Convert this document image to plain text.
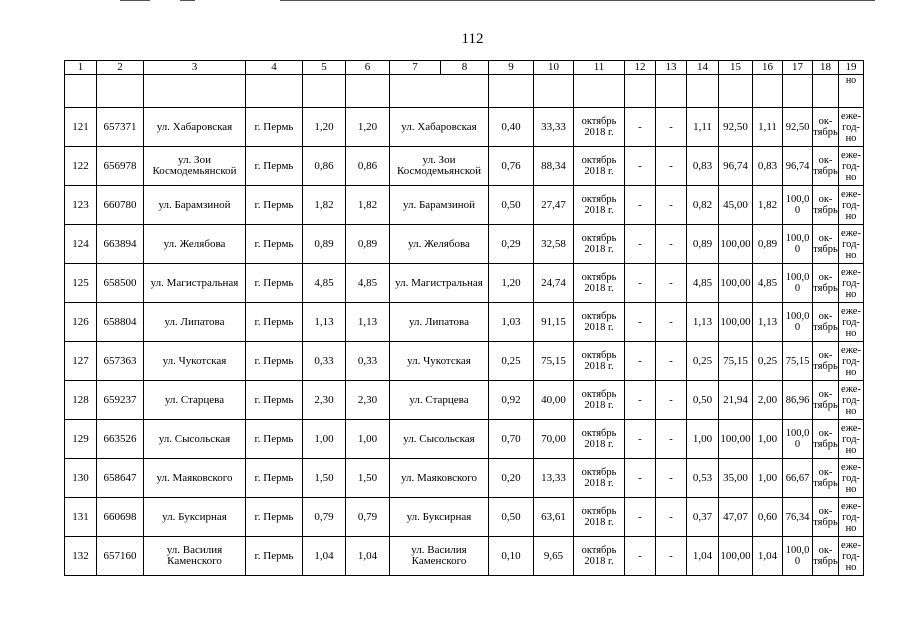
112
1	2	3	4	5	6	7	8	9	10	11	12	13	14	15	16	17	18	19
																		но
121	657371	ул. Хабаровская	г. Пермь	1,20	1,20	ул. Хабаровская		0,40	33,33	октябрь 2018 г.	-	-	1,11	92,50	1,11	92,50	ок-тябрь	еже-год-но
122	656978	ул. Зои Космодемьянской	г. Пермь	0,86	0,86	ул. Зои Космодемьянской		0,76	88,34	октябрь 2018 г.	-	-	0,83	96,74	0,83	96,74	ок-тябрь	еже-год-но
123	660780	ул. Барамзиной	г. Пермь	1,82	1,82	ул. Барамзиной		0,50	27,47	октябрь 2018 г.	-	-	0,82	45,00	1,82	100,0 0	ок-тябрь	еже-год-но
124	663894	ул. Желябова	г. Пермь	0,89	0,89	ул. Желябова		0,29	32,58	октябрь 2018 г.	-	-	0,89	100,00	0,89	100,0 0	ок-тябрь	еже-год-но
125	658500	ул. Магистральная	г. Пермь	4,85	4,85	ул. Магистральная		1,20	24,74	октябрь 2018 г.	-	-	4,85	100,00	4,85	100,0 0	ок-тябрь	еже-год-но
126	658804	ул. Липатова	г. Пермь	1,13	1,13	ул. Липатова		1,03	91,15	октябрь 2018 г.	-	-	1,13	100,00	1,13	100,0 0	ок-тябрь	еже-год-но
127	657363	ул. Чукотская	г. Пермь	0,33	0,33	ул. Чукотская		0,25	75,15	октябрь 2018 г.	-	-	0,25	75,15	0,25	75,15	ок-тябрь	еже-год-но
128	659237	ул. Старцева	г. Пермь	2,30	2,30	ул. Старцева		0,92	40,00	октябрь 2018 г.	-	-	0,50	21,94	2,00	86,96	ок-тябрь	еже-год-но
129	663526	ул. Сысольская	г. Пермь	1,00	1,00	ул. Сысольская		0,70	70,00	октябрь 2018 г.	-	-	1,00	100,00	1,00	100,0 0	ок-тябрь	еже-год-но
130	658647	ул. Маяковского	г. Пермь	1,50	1,50	ул. Маяковского		0,20	13,33	октябрь 2018 г.	-	-	0,53	35,00	1,00	66,67	ок-тябрь	еже-год-но
131	660698	ул. Буксирная	г. Пермь	0,79	0,79	ул. Буксирная		0,50	63,61	октябрь 2018 г.	-	-	0,37	47,07	0,60	76,34	ок-тябрь	еже-год-но
132	657160	ул. Василия Каменского	г. Пермь	1,04	1,04	ул. Василия Каменского		0,10	9,65	октябрь 2018 г.	-	-	1,04	100,00	1,04	100,0 0	ок-тябрь	еже-год-но
